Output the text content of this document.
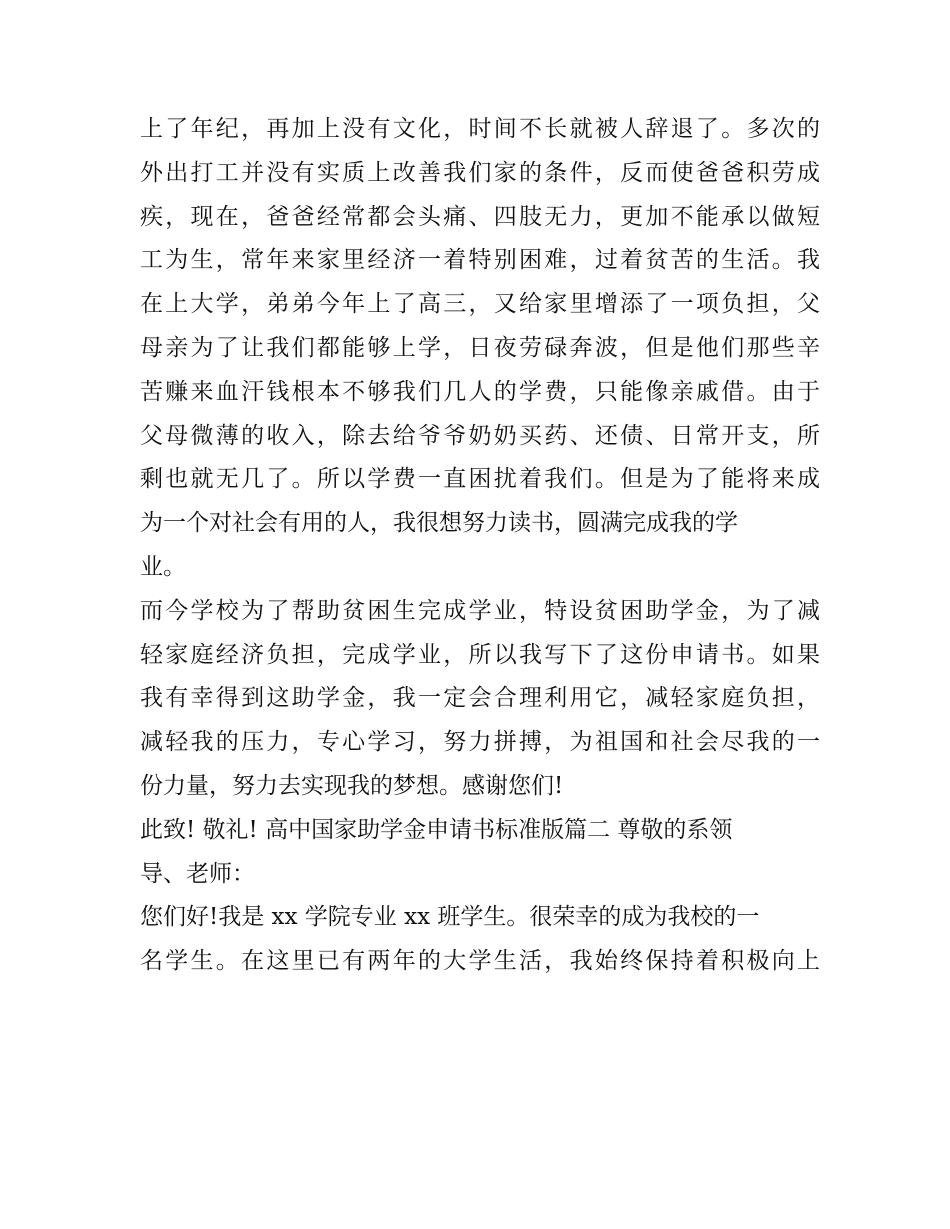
上了年纪，再加上没有文化，时间不长就被人辞退了。多次的
外出打工并没有实质上改善我们家的条件，反而使爸爸积劳成
疾，现在，爸爸经常都会头痛、四肢无力，更加不能承以做短
工为生，常年来家里经济一着特别困难，过着贫苦的生活。我
在上大学，弟弟今年上了高三，又给家里增添了一项负担，父
母亲为了让我们都能够上学，日夜劳碌奔波，但是他们那些辛
苦赚来血汗钱根本不够我们几人的学费，只能像亲戚借。由于
父母微薄的收入，除去给爷爷奶奶买药、还债、日常开支，所
剩也就无几了。所以学费一直困扰着我们。但是为了能将来成
为一个对社会有用的人，我很想努力读书，圆满完成我的学
业。
而今学校为了帮助贫困生完成学业，特设贫困助学金，为了减
轻家庭经济负担，完成学业，所以我写下了这份申请书。如果
我有幸得到这助学金，我一定会合理利用它，减轻家庭负担，
减轻我的压力，专心学习，努力拼搏，为祖国和社会尽我的一
份力量，努力去实现我的梦想。感谢您们!
此致! 敬礼! 高中国家助学金申请书标准版篇二 尊敬的系领
导、老师：
您们好!我是 xx 学院专业 xx 班学生。很荣幸的成为我校的一
名学生。在这里已有两年的大学生活，我始终保持着积极向上
